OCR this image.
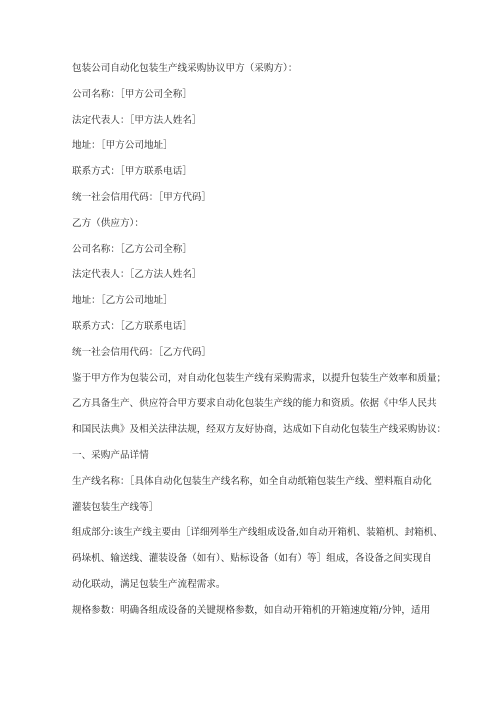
包装公司自动化包装生产线采购协议甲方（采购方）：
公司名称：［甲方公司全称］
法定代表人：［甲方法人姓名］
地址：［甲方公司地址］
联系方式：［甲方联系电话］
统一社会信用代码：［甲方代码］
乙方（供应方）：
公司名称：［乙方公司全称］
法定代表人：［乙方法人姓名］
地址：［乙方公司地址］
联系方式：［乙方联系电话］
统一社会信用代码：［乙方代码］
鉴于甲方作为包装公司，对自动化包装生产线有采购需求，以提升包装生产效率和质量；
乙方具备生产、供应符合甲方要求自动化包装生产线的能力和资质。依据《中华人民共
和国民法典》及相关法律法规，经双方友好协商，达成如下自动化包装生产线采购协议：
一、采购产品详情
生产线名称：［具体自动化包装生产线名称，如全自动纸箱包装生产线、塑料瓶自动化
灌装包装生产线等］
组成部分:该生产线主要由［详细列举生产线组成设备,如自动开箱机、装箱机、封箱机、
码垛机、输送线、灌装设备（如有）、贴标设备（如有）等］组成，各设备之间实现自
动化联动，满足包装生产流程需求。
规格参数：明确各组成设备的关键规格参数，如自动开箱机的开箱速度箱/分钟，适用
